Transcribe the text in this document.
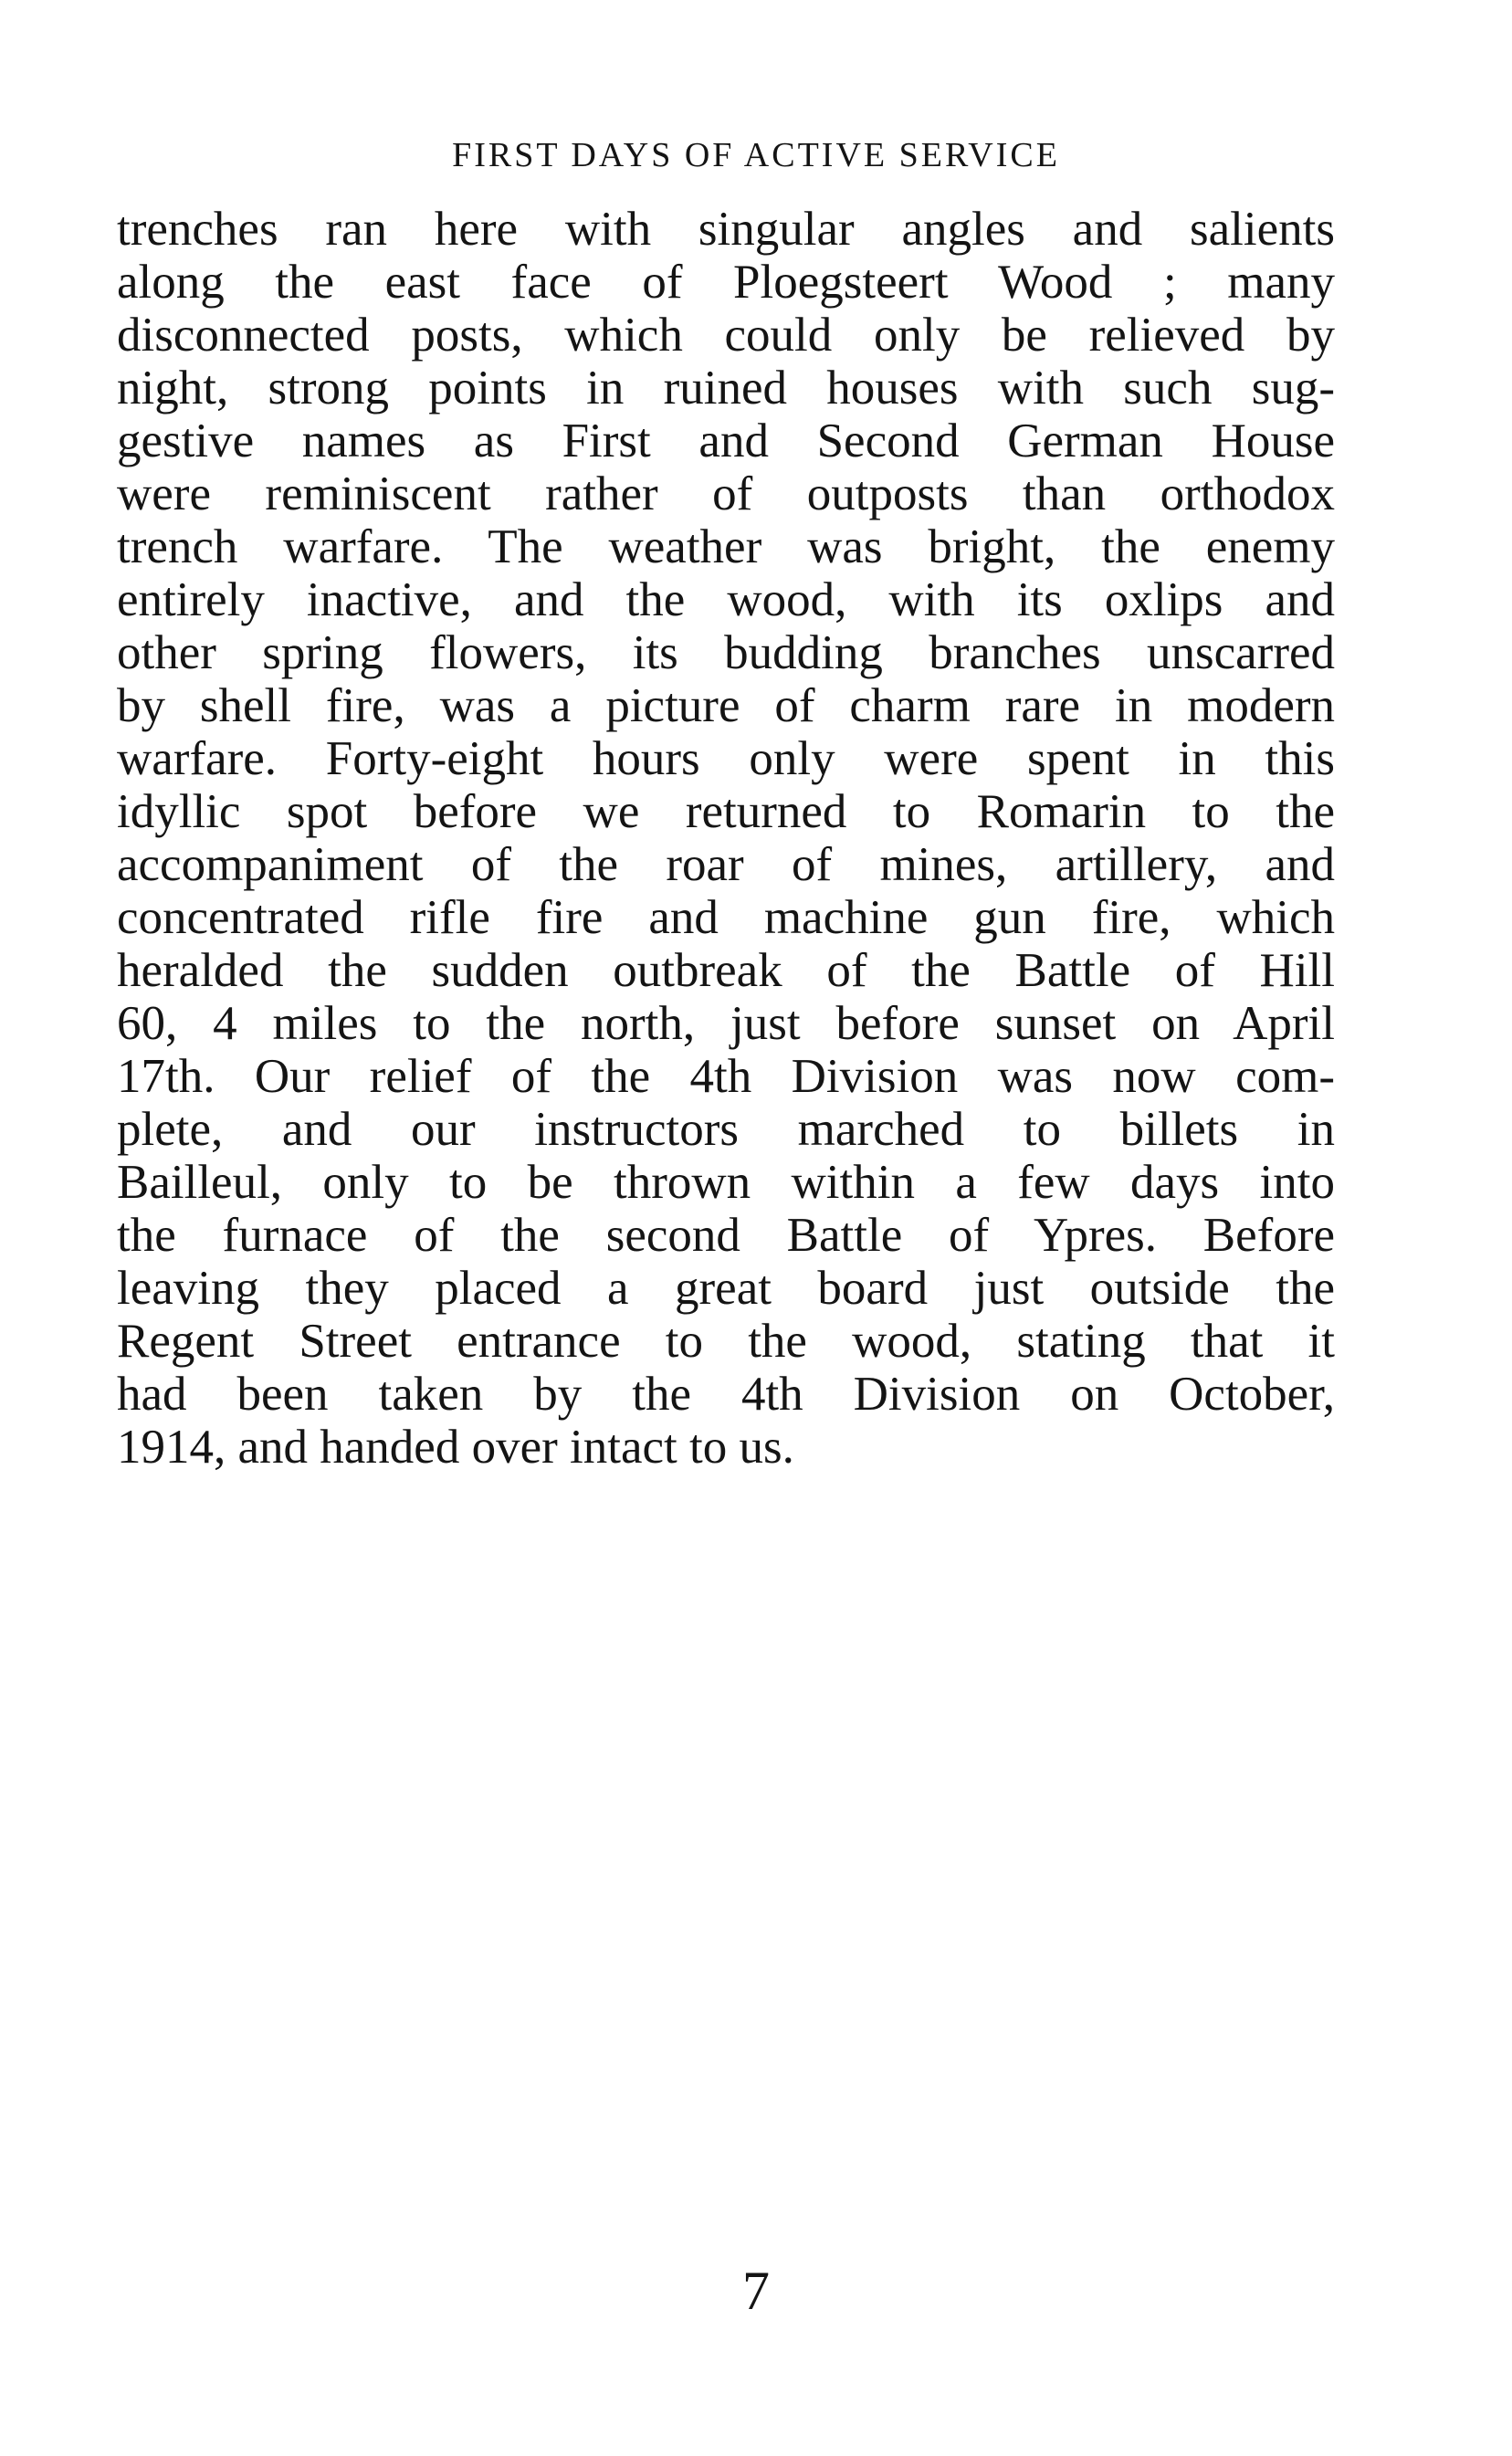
FIRST DAYS OF ACTIVE SERVICE
trenches ran here with singular angles and salients
along the east face of Ploegsteert Wood ; many
disconnected posts, which could only be relieved by
night, strong points in ruined houses with such sug-
gestive names as First and Second German House
were reminiscent rather of outposts than orthodox
trench warfare. The weather was bright, the enemy
entirely inactive, and the wood, with its oxlips and
other spring flowers, its budding branches unscarred
by shell fire, was a picture of charm rare in modern
warfare. Forty-eight hours only were spent in this
idyllic spot before we returned to Romarin to the
accompaniment of the roar of mines, artillery, and
concentrated rifle fire and machine gun fire, which
heralded the sudden outbreak of the Battle of Hill
60, 4 miles to the north, just before sunset on April
17th. Our relief of the 4th Division was now com-
plete, and our instructors marched to billets in
Bailleul, only to be thrown within a few days into
the furnace of the second Battle of Ypres. Before
leaving they placed a great board just outside the
Regent Street entrance to the wood, stating that it
had been taken by the 4th Division on October,
1914, and handed over intact to us.
7
